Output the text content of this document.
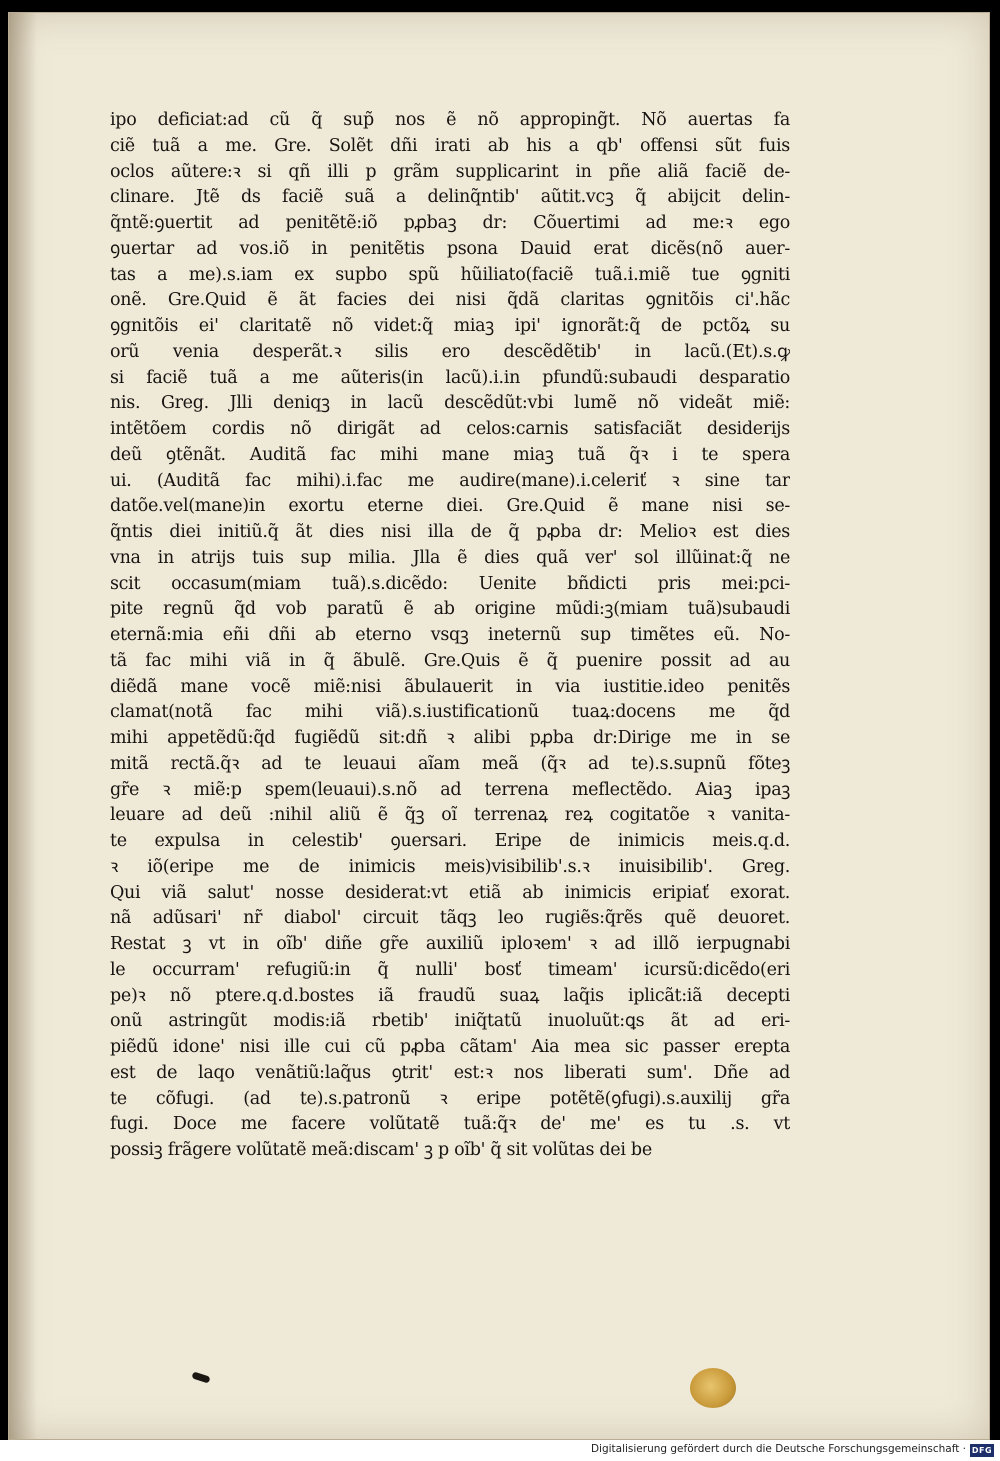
ipo deficiat:ad cũ q̃ sup̃ nos ẽ nõ approping̃t. Nõ auertas fa
ciẽ tuã a me. Gre. Solẽt dñi irati ab his a qb' offensi sũt fuis
oclos aũtere:ꝛ si qñ illi p grãm supplicarint in pñe aliã faciẽ de-
clinare. Jtẽ ds faciẽ suã a delinq̃ntib' aũtit.vcꝫ q̃ abijcit delin-
q̃ntẽ:ꝯuertit ad penitẽtẽ:iõ pꝓbaꝫ dr: Cõuertimi ad me:ꝛ ego
ꝯuertar ad vos.iõ in penitẽtis psona Dauid erat dicẽs(nõ auer-
tas a me).s.iam ex supbo spũ hũiliato(faciẽ tuã.i.miẽ tue ꝯgniti
onẽ. Gre.Quid ẽ ãt facies dei nisi q̃dã claritas ꝯgnitõis ci'.hãc
ꝯgnitõis ei' claritatẽ nõ videt:q̃ miaꝫ ipi' ignorãt:q̃ de pctõꝝ su
orũ venia desperãt.ꝛ silis ero descẽdẽtib' in lacũ.(Et).s.ꝙ
si faciẽ tuã a me aũteris(in lacũ).i.in pfundũ:subaudi desparatio
nis. Greg. Jlli deniqꝫ in lacũ descẽdũt:vbi lumẽ nõ videãt miẽ:
intẽtõem cordis nõ dirigãt ad celos:carnis satisfaciãt desiderijs
deũ ꝯtẽnãt. Auditã fac mihi mane miaꝫ tuã q̃ꝛ i te spera
ui. (Auditã fac mihi).i.fac me audire(mane).i.celeriť ꝛ sine tar
datõe.vel(mane)in exortu eterne diei. Gre.Quid ẽ mane nisi se-
q̃ntis diei initiũ.q̃ ãt dies nisi illa de q̃ pꝓba dr: Melioꝛ est dies
vna in atrijs tuis sup milia. Jlla ẽ dies quã ver' sol illũinat:q̃ ne
scit occasum(miam tuã).s.dicẽdo: Uenite bñdicti pris mei:pci-
pite regnũ q̃d vob paratũ ẽ ab origine mũdi:ꝫ(miam tuã)subaudi
eternã:mia eñi dñi ab eterno vsqꝫ ineternũ sup timẽtes eũ. No-
tã fac mihi viã in q̃ ãbulẽ. Gre.Quis ẽ q̃ puenire possit ad au
diẽdã mane vocẽ miẽ:nisi ãbulauerit in via iustitie.ideo penitẽs
clamat(notã fac mihi viã).s.iustificationũ tuaꝝ:docens me q̃d
mihi appetẽdũ:q̃d fugiẽdũ sit:dñ ꝛ alibi pꝓba dr:Dirige me in se
mitã rectã.q̃ꝛ ad te leuaui aĩam meã (q̃ꝛ ad te).s.supnũ fõteꝫ
gr̃e ꝛ miẽ:p spem(leuaui).s.nõ ad terrena meflectẽdo. Aiaꝫ ipaꝫ
leuare ad deũ :nihil aliũ ẽ q̃ꝫ oĩ terrenaꝝ reꝝ cogitatõe ꝛ vanita-
te expulsa in celestib' ꝯuersari. Eripe de inimicis meis.q.d.
ꝛ iõ(eripe me de inimicis meis)visibilib'.s.ꝛ inuisibilib'. Greg.
Qui viã salut' nosse desiderat:vt etiã ab inimicis eripiať exorat.
nã adũsari' nr̃ diabol' circuit tãqꝫ leo rugiẽs:q̃rẽs quẽ deuoret.
Restat ꝫ vt in oĩb' diñe gr̃e auxiliũ iploꝛem' ꝛ ad illõ ierpugnabi
le occurram' refugiũ:in q̃ nulli' bosť timeam' icursũ:dicẽdo(eri
pe)ꝛ nõ ptere.q.d.bostes iã fraudũ suaꝝ laq̃is iplicãt:iã decepti
onũ astringũt modis:iã rbetib' iniq̃tatũ inuoluũt:ꝗs ãt ad eri-
piẽdũ idone' nisi ille cui cũ pꝓba cãtam' Aia mea sic passer erepta
est de laqo venãtiũ:laq̃us ꝯtrit' est:ꝛ nos liberati sum'. Dñe ad
te cõfugi. (ad te).s.patronũ ꝛ eripe potẽtẽ(ꝯfugi).s.auxilij gr̃a
fugi. Doce me facere volũtatẽ tuã:q̃ꝛ de' me' es tu .s. vt
possiꝫ frãgere volũtatẽ meã:discam' ꝫ p oĩb' q̃ sit volũtas dei be
Digitalisierung gefördert durch die Deutsche Forschungsgemeinschaft · DFG
